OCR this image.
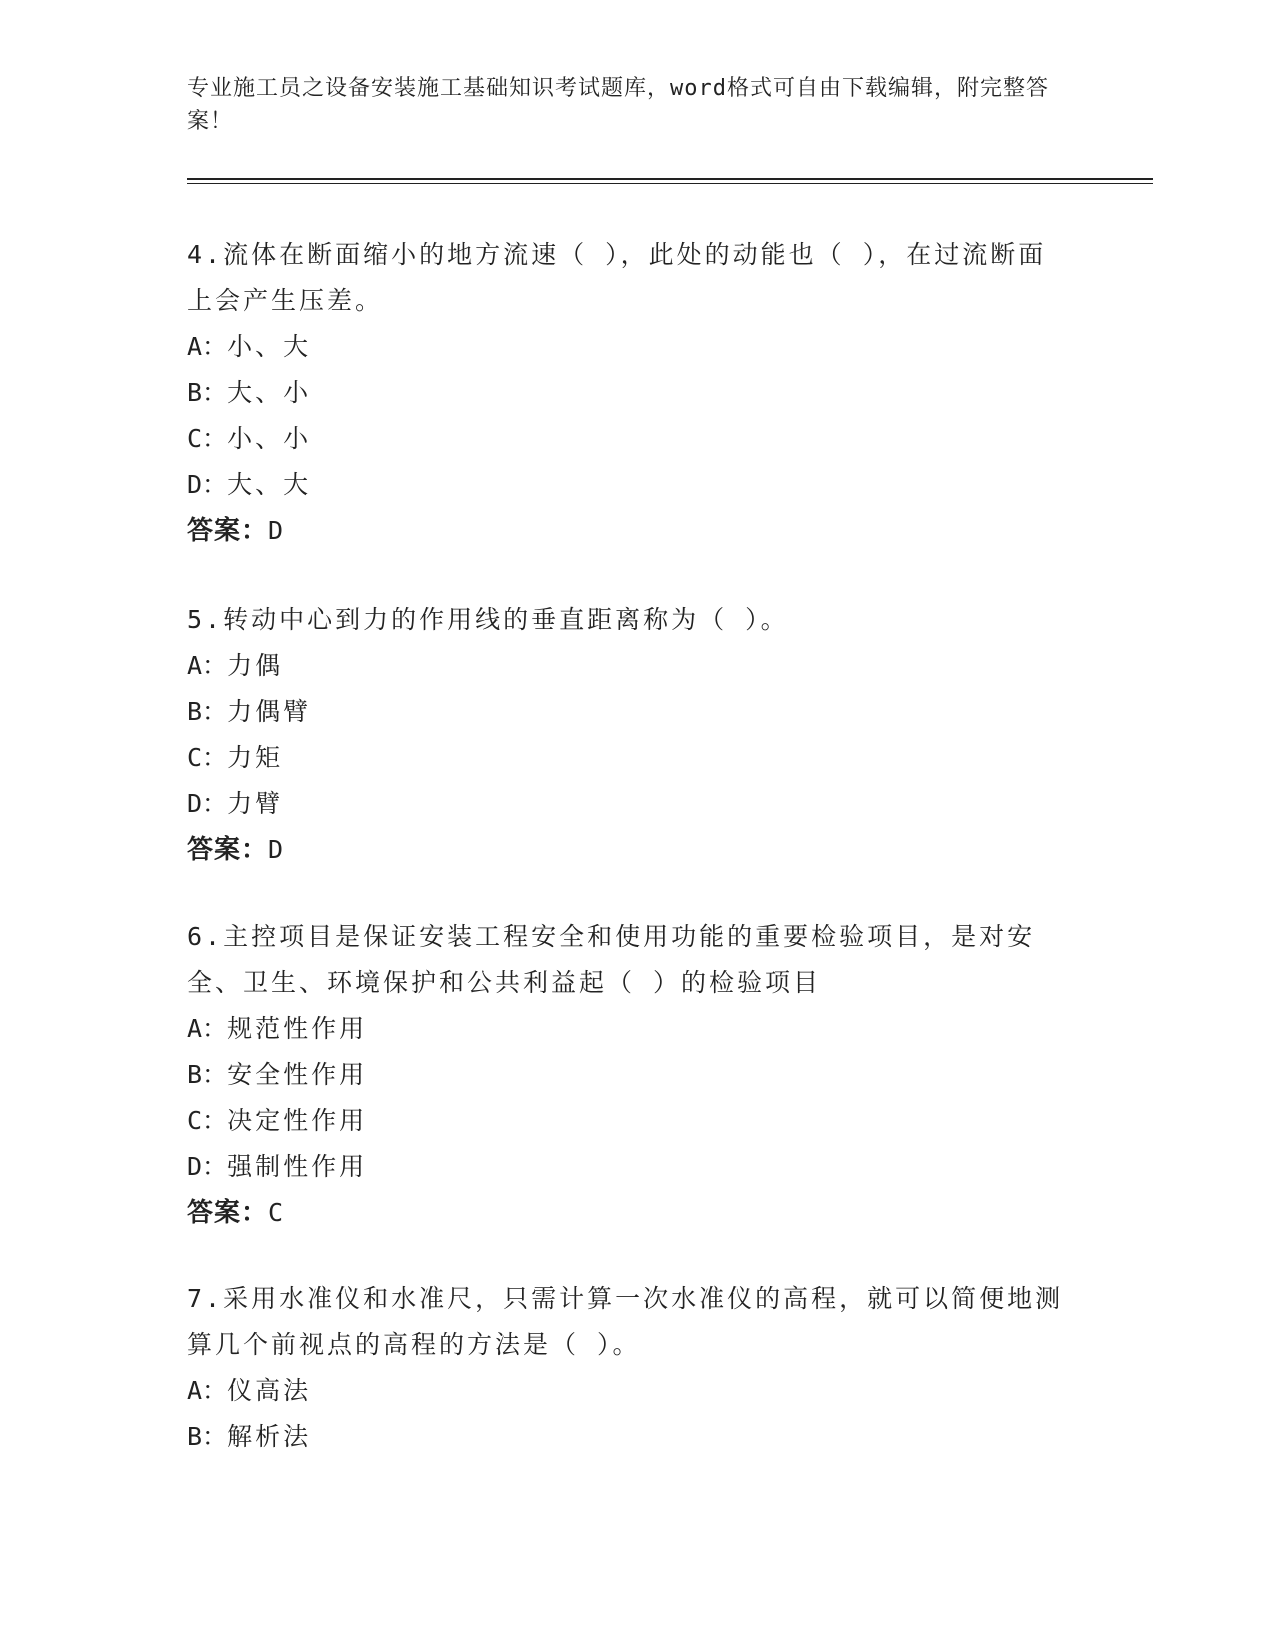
专业施工员之设备安装施工基础知识考试题库，word格式可自由下载编辑，附完整答案！

4.流体在断面缩小的地方流速（ ），此处的动能也（ ），在过流断面上会产生压差。

A：小、大
B：大、小
C：小、小
D：大、大
答案：D

5.转动中心到力的作用线的垂直距离称为（ ）。

A：力偶
B：力偶臂
C：力矩
D：力臂
答案：D

6.主控项目是保证安装工程安全和使用功能的重要检验项目，是对安全、卫生、环境保护和公共利益起（ ）的检验项目

A：规范性作用
B：安全性作用
C：决定性作用
D：强制性作用
答案：C

7.采用水准仪和水准尺，只需计算一次水准仪的高程，就可以简便地测算几个前视点的高程的方法是（ ）。

A：仪高法
B：解析法
